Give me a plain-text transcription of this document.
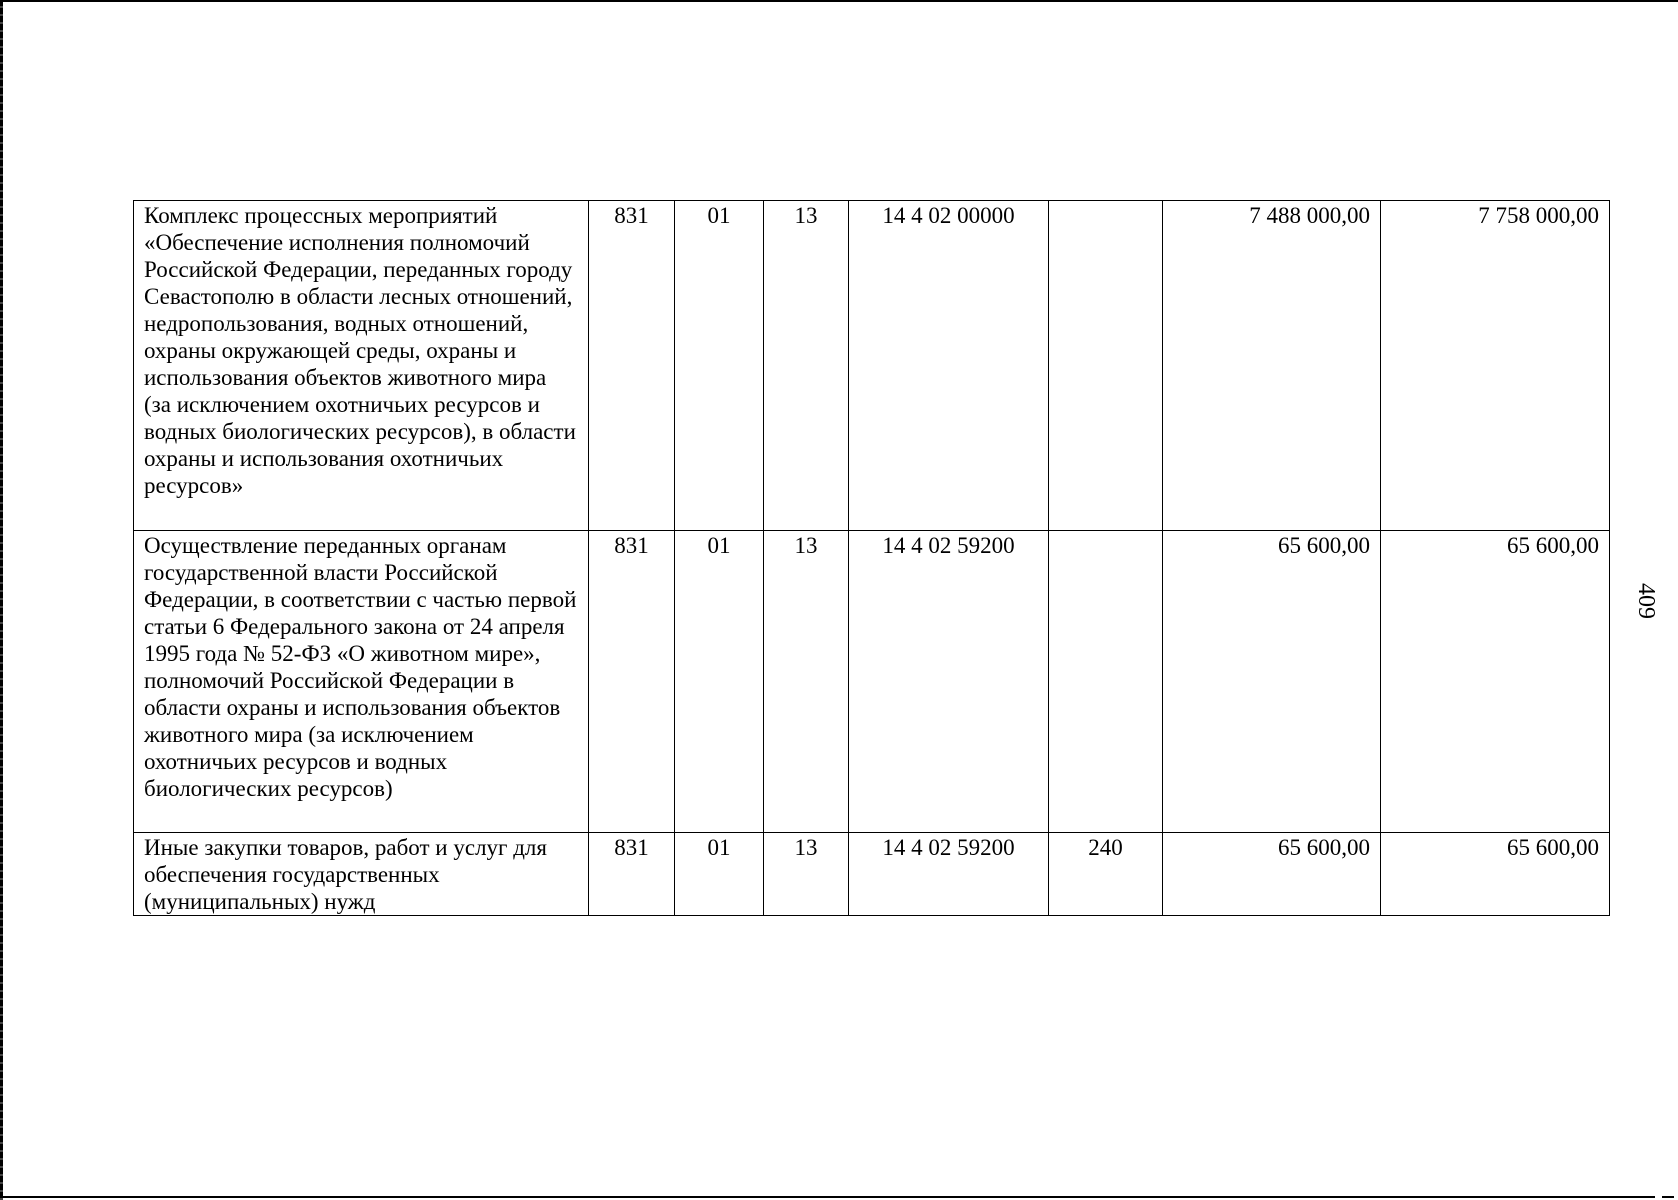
Комплекс процессных мероприятий «Обеспечение исполнения полномочий Российской Федерации, переданных городу Севастополю в области лесных отношений, недропользования, водных отношений, охраны окружающей среды, охраны и использования объектов животного мира (за исключением охотничьих ресурсов и водных биологических ресурсов), в области охраны и использования охотничьих ресурсов»	831	01	13	14 4 02 00000		7 488 000,00	7 758 000,00
Осуществление переданных органам государственной власти Российской Федерации, в соответствии с частью первой статьи 6 Федерального закона от 24 апреля 1995 года № 52-ФЗ «О животном мире», полномочий Российской Федерации в области охраны и использования объектов животного мира (за исключением охотничьих ресурсов и водных биологических ресурсов)	831	01	13	14 4 02 59200		65 600,00	65 600,00
Иные закупки товаров, работ и услуг для обеспечения государственных (муниципальных) нужд	831	01	13	14 4 02 59200	240	65 600,00	65 600,00
409
